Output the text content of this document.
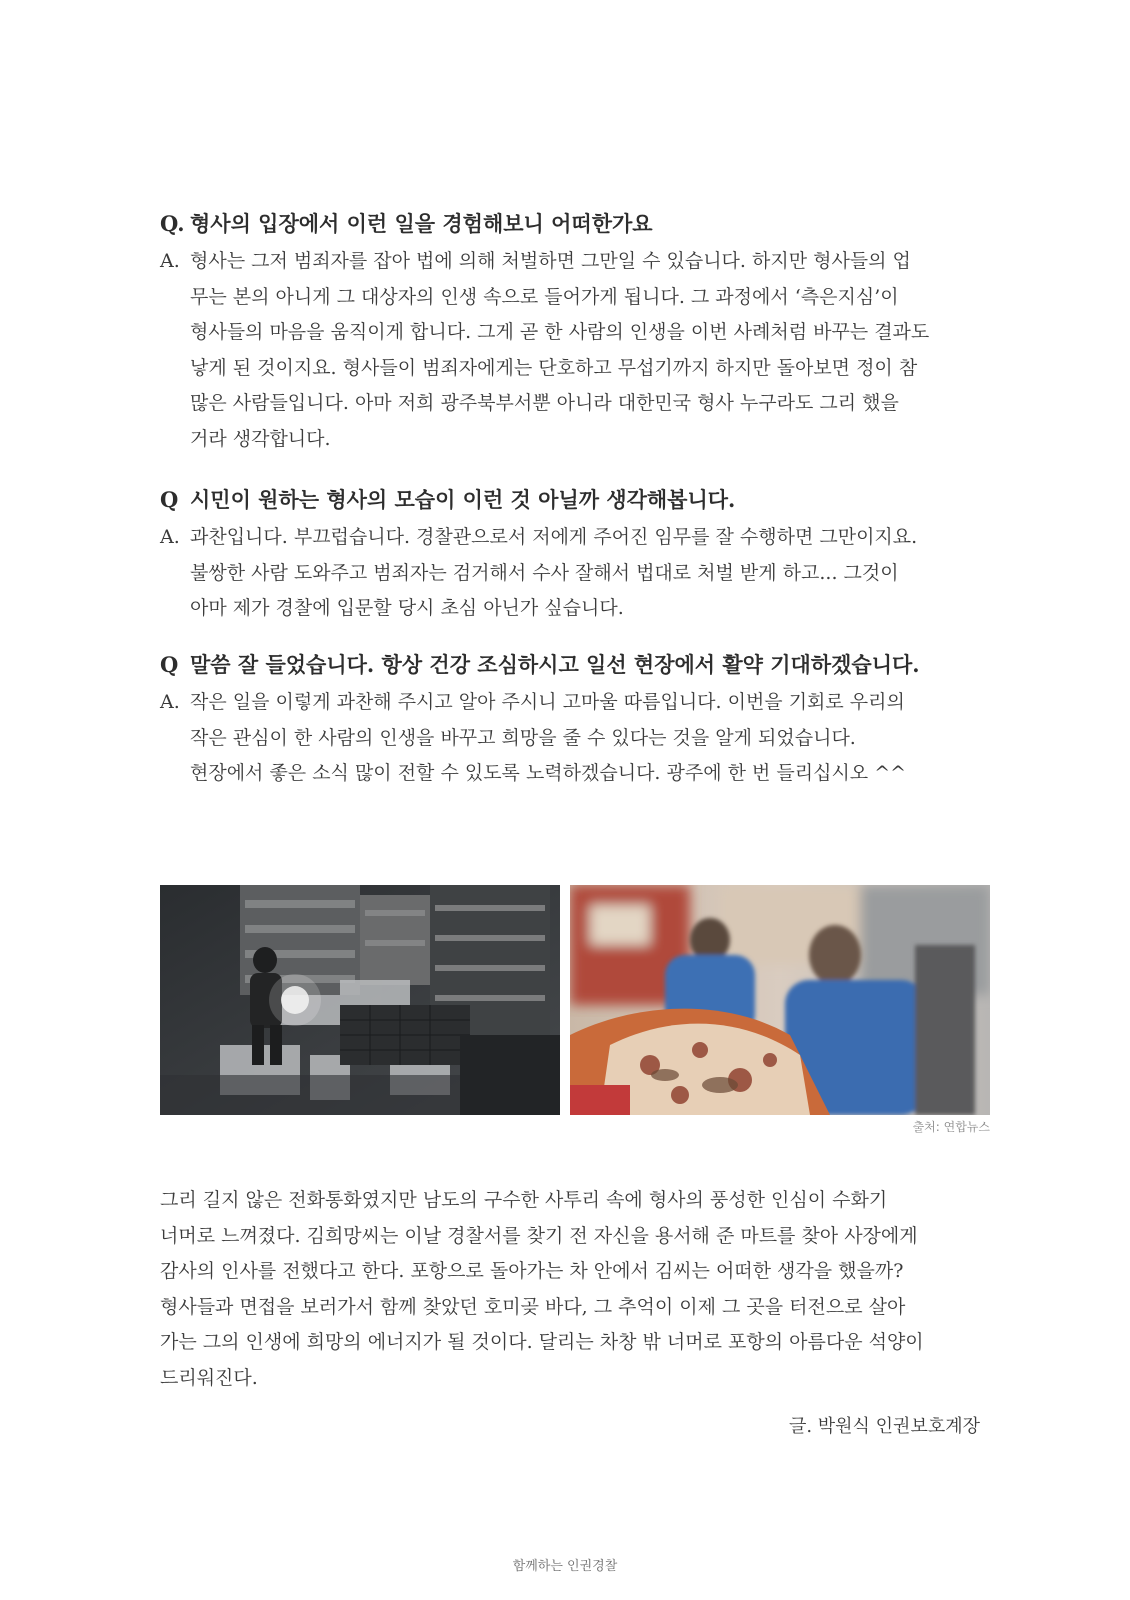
Q. 형사의 입장에서 이런 일을 경험해보니 어떠한가요
A. 형사는 그저 범죄자를 잡아 법에 의해 처벌하면 그만일 수 있습니다. 하지만 형사들의 업
무는 본의 아니게 그 대상자의 인생 속으로 들어가게 됩니다. 그 과정에서 ‘측은지심’이
형사들의 마음을 움직이게 합니다. 그게 곧 한 사람의 인생을 이번 사례처럼 바꾸는 결과도
낳게 된 것이지요. 형사들이 범죄자에게는 단호하고 무섭기까지 하지만 돌아보면 정이 참
많은 사람들입니다. 아마 저희 광주북부서뿐 아니라 대한민국 형사 누구라도 그리 했을
거라 생각합니다.
Q 시민이 원하는 형사의 모습이 이런 것 아닐까 생각해봅니다.
A. 과찬입니다. 부끄럽습니다. 경찰관으로서 저에게 주어진 임무를 잘 수행하면 그만이지요.
불쌍한 사람 도와주고 범죄자는 검거해서 수사 잘해서 법대로 처벌 받게 하고... 그것이
아마 제가 경찰에 입문할 당시 초심 아닌가 싶습니다.
Q 말씀 잘 들었습니다. 항상 건강 조심하시고 일선 현장에서 활약 기대하겠습니다.
A. 작은 일을 이렇게 과찬해 주시고 알아 주시니 고마울 따름입니다. 이번을 기회로 우리의
작은 관심이 한 사람의 인생을 바꾸고 희망을 줄 수 있다는 것을 알게 되었습니다.
현장에서 좋은 소식 많이 전할 수 있도록 노력하겠습니다. 광주에 한 번 들리십시오 ^^
출처: 연합뉴스
그리 길지 않은 전화통화였지만 남도의 구수한 사투리 속에 형사의 풍성한 인심이 수화기
너머로 느껴졌다. 김희망씨는 이날 경찰서를 찾기 전 자신을 용서해 준 마트를 찾아 사장에게
감사의 인사를 전했다고 한다. 포항으로 돌아가는 차 안에서 김씨는 어떠한 생각을 했을까?
형사들과 면접을 보러가서 함께 찾았던 호미곶 바다, 그 추억이 이제 그 곳을 터전으로 살아
가는 그의 인생에 희망의 에너지가 될 것이다. 달리는 차창 밖 너머로 포항의 아름다운 석양이
드리워진다.
글. 박원식 인권보호계장
함께하는 인권경찰
